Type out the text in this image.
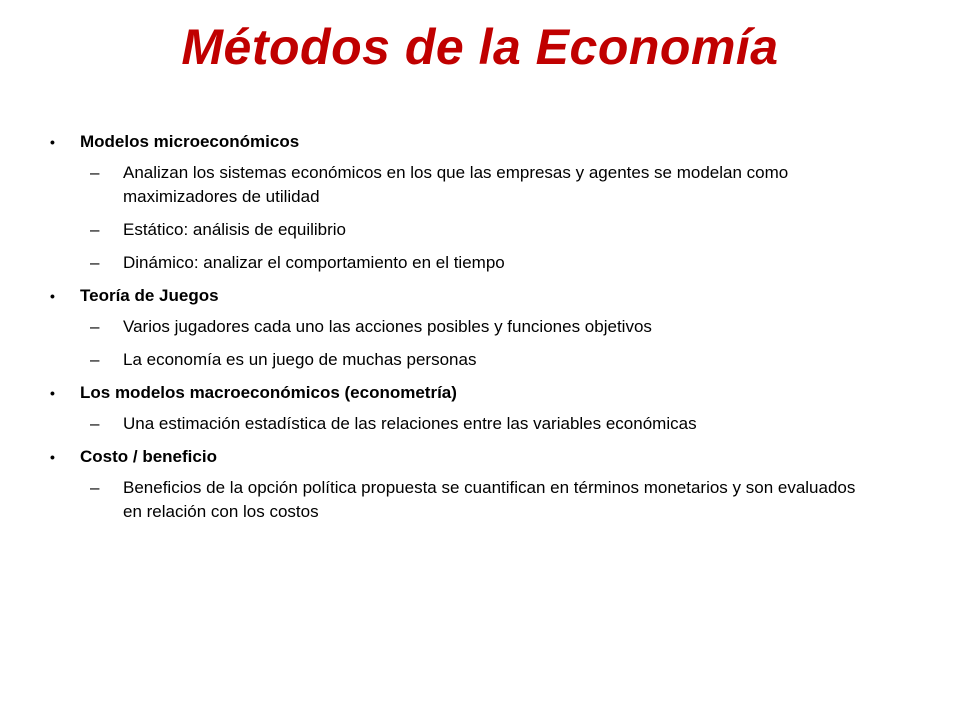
Métodos de la Economía
•	Modelos microeconómicos
–	Analizan los sistemas económicos en los que las empresas y agentes se modelan como maximizadores de utilidad
–	Estático: análisis de equilibrio
–	Dinámico: analizar el comportamiento en el tiempo
•	Teoría de Juegos
–	Varios jugadores cada uno las acciones posibles y funciones objetivos
–	La economía es un juego de muchas personas
•	Los modelos macroeconómicos (econometría)
–	Una estimación estadística de las relaciones entre las variables económicas
•	Costo / beneficio
–	Beneficios de la opción política propuesta se cuantifican en términos monetarios y son evaluados en relación con los costos
